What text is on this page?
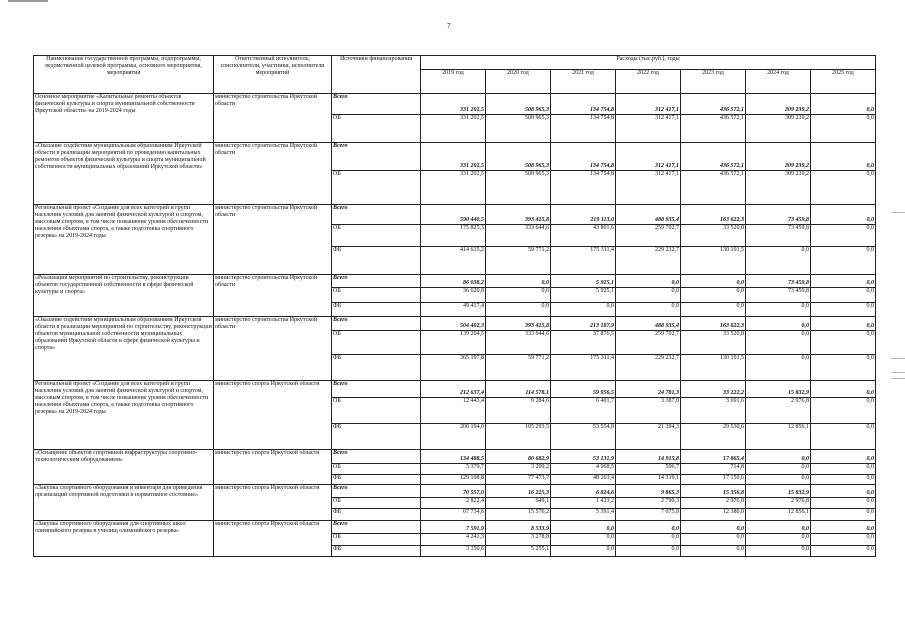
7
Наименование государственной программы, подпрограммы, ведомственной целевой программы, основного мероприятия, мероприятия	Ответственный исполнитель, соисполнители, участники, исполнители мероприятий	Источники финансирования	Расходы (тыс.руб.), годы						
			2019 год	2020 год	2021 год	2022 год	2023 год	2024 год	2025 год
Основное мероприятие «Капитальные ремонты объектов физической культуры и спорта муниципальной собственности Иркутской области» на 2019-2024 годы	министерство строительства Иркутской области	Всего	331 202,5	508 965,3	134 754,8	312 417,1	436 572,1	309 239,2	0,0
		ОБ	331 202,5	508 965,3	134 754,8	312 417,1	436 572,1	309 239,2	0,0
«Оказание содействия муниципальным образованиям Иркутской области в реализации мероприятий по проведению капитальных ремонтов объектов физической культуры и спорта муниципальной собственности муниципальных образований Иркутской области»	министерство строительства Иркутской области	Всего	331 202,5	508 965,3	134 754,8	312 417,1	436 572,1	309 239,2	0,0
		ОБ	331 202,5	508 965,3	134 754,8	312 417,1	436 572,1	309 239,2	0,0
Региональный проект «Создание для всех категорий и групп населения условий для занятий физической культурой и спортом, массовым спортом, в том числе повышение уровня обеспеченности населения объектами спорта, а также подготовка спортивного резерва» на 2019-2024 годы	министерство строительства Иркутской области	Всего	590 440,5	393 415,8	219 113,0	488 935,4	163 622,3	73 459,8	0,0
		ОБ	175 825,3	333 644,6	43 801,6	259 702,7	33 520,8	73 459,8	0,0
		ФБ	414 615,2	59 771,2	175 311,4	229 232,7	130 101,5	0,0	0,0
«Реализация мероприятий по строительству, реконструкции объектов государственной собственности в сфере физической культуры и спорта»	министерство строительства Иркутской области	Всего	86 038,2	0,0	5 925,1	0,0	0,0	73 459,8	0,0
		ОБ	36 620,8	0,0	5 925,1	0,0	0,0	73 459,8	0,0
		ФБ	49 417,4	0,0	0,0	0,0	0,0	0,0	0,0
«Оказание содействия муниципальным образованиям Иркутской области в реализации мероприятий по строительству, реконструкции объектов муниципальной собственности муниципальных образований Иркутской области в сфере физической культуры и спорта»	министерство строительства Иркутской области	Всего	504 402,3	393 415,8	213 187,9	488 935,4	163 622,3	0,0	0,0
		ОБ	139 204,5	333 644,6	37 876,5	259 702,7	33 520,8	0,0	0,0
		ФБ	365 197,8	59 771,2	175 311,4	229 232,7	130 101,5	0,0	0,0
Региональный проект «Создание для всех категорий и групп населения условий для занятий физической культурой и спортом, массовым спортом, в том числе повышение уровня обеспеченности населения объектами спорта, а также подготовка спортивного резерва» на 2019-2024 годы	министерство спорта Иркутской области	Всего	212 637,4	114 578,1	59 956,5	24 781,3	33 222,2	15 832,9	0,0
		ОБ	12 443,4	9 284,6	6 401,7	3 387,0	3 691,6	2 976,8	0,0
		ФБ	200 194,0	105 293,5	53 554,8	21 394,3	29 530,6	12 856,1	0,0
«Оснащение объектов спортивной инфраструктуры спортивно-технологическим оборудованием»	министерство спорта Иркутской области	Всего	134 488,5	80 682,9	53 131,9	14 915,8	17 865,4	0,0	0,0
		ОБ	5 379,7	3 209,2	4 968,5	596,7	714,8	0,0	0,0
		ФБ	129 108,8	77 473,7	48 163,4	14 319,1	17 150,6	0,0	0,0
«Закупка спортивного оборудования и инвентаря для приведения организаций спортивной подготовки в нормативное состояние»	министерство спорта Иркутской области	Всего	70 557,0	16 225,3	6 824,6	9 865,3	15 356,8	15 832,9	0,0
		ОБ	2 822,4	649,1	1 433,2	2 790,3	2 976,8	2 976,8	0,0
		ФБ	67 734,6	15 576,2	5 391,4	7 075,0	12 380,0	12 856,1	0,0
«Закупка спортивного оборудования для спортивных школ олимпийского резерва в училищ олимпийского резерва»	министерство спорта Иркутской области	Всего	7 591,9	8 533,9	0,0	0,0	0,0	0,0	0,0
		ОБ	4 241,3	3 278,8	0,0	0,0	0,0	0,0	0,0
		ФБ	3 350,6	5 255,1	0,0	0,0	0,0	0,0	0,0
